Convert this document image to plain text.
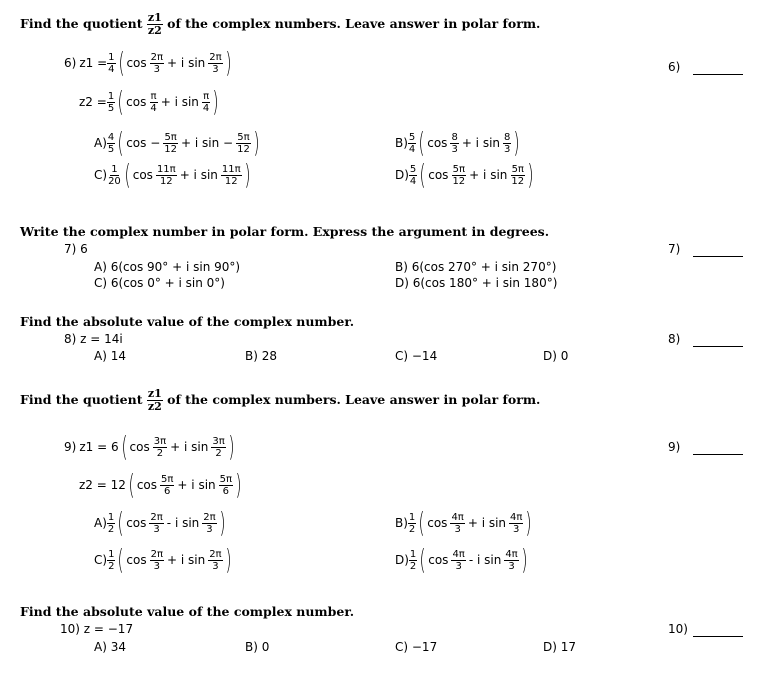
Find the quotient $\frac{z1}{z2}$ of the complex numbers. Leave answer in polar form.
6) $z1 = \frac{1}{4}$ ( $\cos \frac{2\pi}{3} + i$ $\sin \frac{2\pi}{3}$ )
$z2 = \frac{1}{5}$ ( $\cos \frac{\pi}{4} + i$ $\sin \frac{\pi}{4}$ )
$A) \frac{4}{5}$ ( $\cos - \frac{5\pi}{12} + i$ $\sin - \frac{5\pi}{12}$ )	$B) \frac{5}{4}$ ( $\cos \frac{8}{3} + i$ $\sin \frac{8}{3}$ )
$C) \frac{1}{20}$ ( $\cos \frac{11\pi}{12} + i$ $\sin \frac{11\pi}{12}$ )	$D) \frac{5}{4}$ ( $\cos \frac{5\pi}{12} + i$ $\sin \frac{5\pi}{12}$ )
6)
Write the complex number in polar form. Express the argument in degrees.
7) 6
A) 6(cos 90° + i sin 90°)	B) 6(cos 270° + i sin 270°)
C) 6(cos 0° + i sin 0°)	D) 6(cos 180° + i sin 180°)
7)
Find the absolute value of the complex number.
8) z = 14i
A) 14	B) 28	C) −14	D) 0
8)
Find the quotient $\frac{z1}{z2}$ of the complex numbers. Leave answer in polar form.
9) z1 = 6 ( $\cos \frac{3\pi}{2} + i$ $\sin \frac{3\pi}{2}$ )
z2 = 12 ( $\cos \frac{5\pi}{6} + i$ $\sin \frac{5\pi}{6}$ )
$A) \frac{1}{2}$ ( $\cos \frac{2\pi}{3}$ - i $\sin \frac{2\pi}{3}$ )	$B) \frac{1}{2}$ ( $\cos \frac{4\pi}{3} + i$ $\sin \frac{4\pi}{3}$ )
$C) \frac{1}{2}$ ( $\cos \frac{2\pi}{3} + i$ $\sin \frac{2\pi}{3}$ )	$D) \frac{1}{2}$ ( $\cos \frac{4\pi}{3}$ - i $\sin \frac{4\pi}{3}$ )
9)
Find the absolute value of the complex number.
10) z = −17
A) 34	B) 0	C) −17	D) 17
10)
